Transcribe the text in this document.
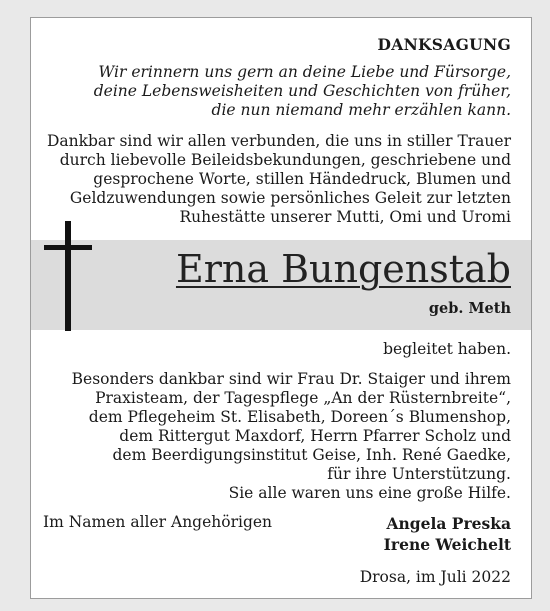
DANKSAGUNG
Wir erinnern uns gern an deine Liebe und Fürsorge,
deine Lebensweisheiten und Geschichten von früher,
die nun niemand mehr erzählen kann.
Dankbar sind wir allen verbunden, die uns in stiller Trauer
durch liebevolle Beileidsbekundungen, geschriebene und
gesprochene Worte, stillen Händedruck, Blumen und
Geldzuwendungen sowie persönliches Geleit zur letzten
Ruhestätte unserer Mutti, Omi und Uromi
Erna Bungenstab
geb. Meth
begleitet haben.
Besonders dankbar sind wir Frau Dr. Staiger und ihrem
Praxisteam, der Tagespflege „An der Rüsternbreite“,
dem Pflegeheim St. Elisabeth, Doreen´s Blumenshop,
dem Rittergut Maxdorf, Herrn Pfarrer Scholz und
dem Beerdigungsinstitut Geise, Inh. René Gaedke,
für ihre Unterstützung.
Sie alle waren uns eine große Hilfe.
Im Namen aller Angehörigen	Angela Preska
Irene Weichelt
Drosa, im Juli 2022
